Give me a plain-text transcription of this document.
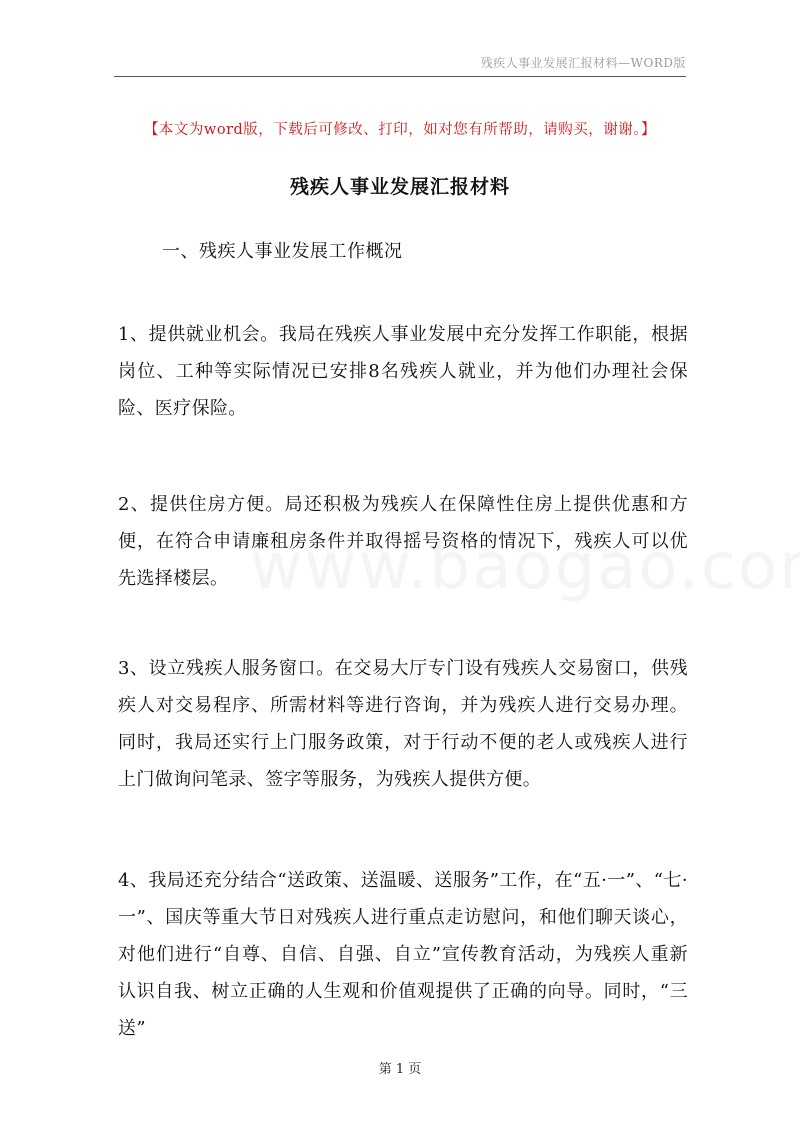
残疾人事业发展汇报材料—WORD版
【本文为word版，下载后可修改、打印，如对您有所帮助，请购买，谢谢。】
残疾人事业发展汇报材料
一、残疾人事业发展工作概况
1、提供就业机会。我局在残疾人事业发展中充分发挥工作职能，根据岗位、工种等实际情况已安排8名残疾人就业，并为他们办理社会保险、医疗保险。
2、提供住房方便。局还积极为残疾人在保障性住房上提供优惠和方便，在符合申请廉租房条件并取得摇号资格的情况下，残疾人可以优先选择楼层。
3、设立残疾人服务窗口。在交易大厅专门设有残疾人交易窗口，供残疾人对交易程序、所需材料等进行咨询，并为残疾人进行交易办理。同时，我局还实行上门服务政策，对于行动不便的老人或残疾人进行上门做询问笔录、签字等服务，为残疾人提供方便。
4、我局还充分结合“送政策、送温暖、送服务”工作，在“五·一”、“七·一”、国庆等重大节日对残疾人进行重点走访慰问，和他们聊天谈心，对他们进行“自尊、自信、自强、自立”宣传教育活动，为残疾人重新认识自我、树立正确的人生观和价值观提供了正确的向导。同时，“三送”
第 1 页
